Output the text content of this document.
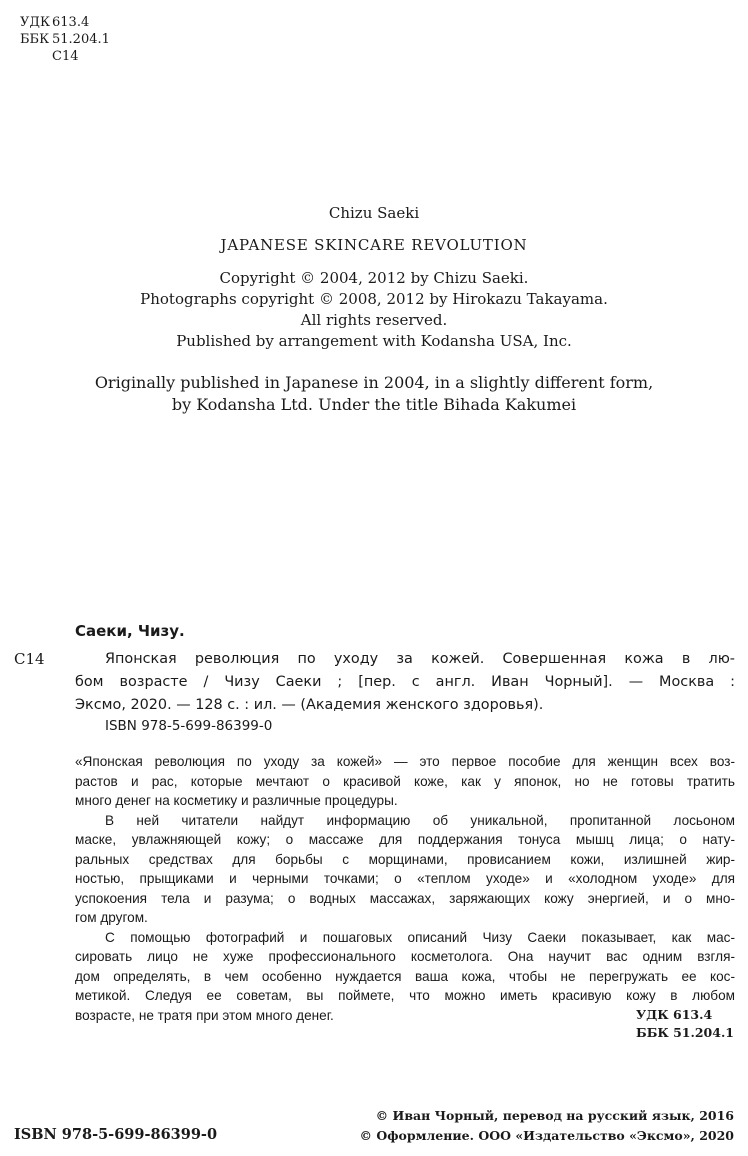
УДК 613.4
ББК 51.204.1
С14
Chizu Saeki
JAPANESE SKINCARE REVOLUTION
Copyright © 2004, 2012 by Chizu Saeki.
Photographs copyright © 2008, 2012 by Hirokazu Takayama.
All rights reserved.
Published by arrangement with Kodansha USA, Inc.
Originally published in Japanese in 2004, in a slightly different form,
by Kodansha Ltd. Under the title Bihada Kakumei
Саеки, Чизу.
С14	Японская революция по уходу за кожей. Совершенная кожа в лю-
бом возрасте / Чизу Саеки ; [пер. с англ. Иван Чорный]. — Москва :
Эксмо, 2020. — 128 с. : ил. — (Академия женского здоровья).
ISBN 978-5-699-86399-0
«Японская революция по уходу за кожей» — это первое пособие для женщин всех воз-
растов и рас, которые мечтают о красивой коже, как у японок, но не готовы тратить
много денег на косметику и различные процедуры.
В ней читатели найдут информацию об уникальной, пропитанной лосьоном
маске, увлажняющей кожу; о массаже для поддержания тонуса мышц лица; о нату-
ральных средствах для борьбы с морщинами, провисанием кожи, излишней жир-
ностью, прыщиками и черными точками; о «теплом уходе» и «холодном уходе» для
успокоения тела и разума; о водных массажах, заряжающих кожу энергией, и о мно-
гом другом.
С помощью фотографий и пошаговых описаний Чизу Саеки показывает, как мас-
сировать лицо не хуже профессионального косметолога. Она научит вас одним взгля-
дом определять, в чем особенно нуждается ваша кожа, чтобы не перегружать ее кос-
метикой. Следуя ее советам, вы поймете, что можно иметь красивую кожу в любом
возрасте, не тратя при этом много денег.	УДК 613.4
ББК 51.204.1
ISBN 978-5-699-86399-0
© Иван Чорный, перевод на русский язык, 2016
© Оформление. ООО «Издательство «Эксмо», 2020
